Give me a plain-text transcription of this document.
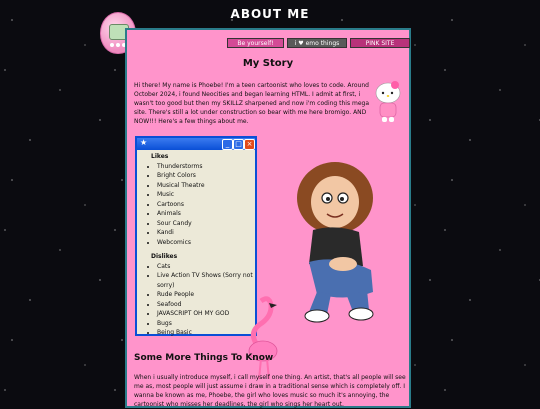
ABOUT ME
Be yourself!	i ♥ emo things	PINK SITE
My Story

Hi there! My name is Phoebe! I'm a teen cartoonist who loves to code. Around October 2024, i found Neocities and began learning HTML. I admit at first, i wasn't too good but then my SKILLZ sharpened and now i'm coding this mega site. There's still a lot under construction so bear with me here bromigo. AND NOW!!! Here's a few things about me.

★	_ □ ×
Likes
• Thunderstorms
• Bright Colors
• Musical Theatre
• Music
• Cartoons
• Animals
• Sour Candy
• Kandi
• Webcomics
Dislikes
• Cats
• Live Action TV Shows (Sorry not sorry)
• Rude People
• Seafood
• JAVASCRIPT OH MY GOD
• Bugs
• Being Basic
Some More Things To Know

When i usually introduce myself, i call myself one thing. An artist, that's all people will see me as, most people will just assume i draw in a traditional sense which is completely off. I wanna be known as me, Phoebe, the girl who loves music so much it's annoying, the cartoonist who misses her deadlines, the girl who sings her heart out.
